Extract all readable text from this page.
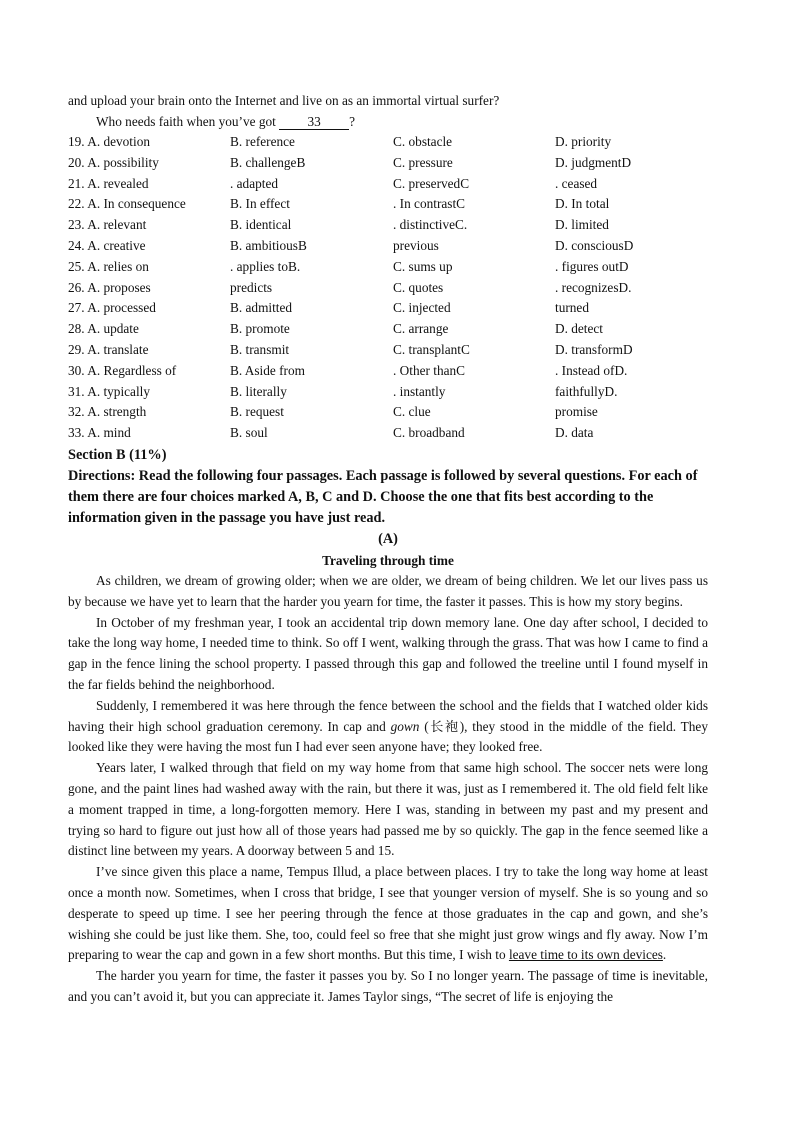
and upload your brain onto the Internet and live on as an immortal virtual surfer?
Who needs faith when you’ve got 33 ?
19. A. devotion	B. reference	C. obstacle	D. priority
20. A. possibility	B. challengeB	C. pressure	D. judgmentD
21. A. revealed	. adapted	C. preservedC	. ceased
22. A. In consequence	B. In effect	. In contrastC	D. In total
23. A. relevant	B. identical	. distinctiveC.	D. limited
24. A. creative	B. ambitiousB	previous	D. consciousD
25. A. relies on	. applies toB.	C. sums up	. figures outD
26. A. proposes	predicts	C. quotes	. recognizesD.
27. A. processed	B. admitted	C. injected	turned
28. A. update	B. promote	C. arrange	D. detect
29. A. translate	B. transmit	C. transplantC	D. transformD
30. A. Regardless of	B. Aside from	. Other thanC	. Instead ofD.
31. A. typically	B. literally	. instantly	faithfullyD.
32. A. strength	B. request	C. clue	promise
33. A. mind	B. soul	C. broadband	D. data
Section B (11%)
Directions: Read the following four passages. Each passage is followed by several questions. For each of them there are four choices marked A, B, C and D. Choose the one that fits best according to the information given in the passage you have just read.
(A)
Traveling through time
As children, we dream of growing older; when we are older, we dream of being children. We let our lives pass us by because we have yet to learn that the harder you yearn for time, the faster it passes. This is how my story begins.
In October of my freshman year, I took an accidental trip down memory lane. One day after school, I decided to take the long way home, I needed time to think. So off I went, walking through the grass. That was how I came to find a gap in the fence lining the school property. I passed through this gap and followed the treeline until I found myself in the far fields behind the neighborhood.
Suddenly, I remembered it was here through the fence between the school and the fields that I watched older kids having their high school graduation ceremony. In cap and gown (长袍), they stood in the middle of the field. They looked like they were having the most fun I had ever seen anyone have; they looked free.
Years later, I walked through that field on my way home from that same high school. The soccer nets were long gone, and the paint lines had washed away with the rain, but there it was, just as I remembered it. The old field felt like a moment trapped in time, a long-forgotten memory. Here I was, standing in between my past and my present and trying so hard to figure out just how all of those years had passed me by so quickly. The gap in the fence seemed like a distinct line between my years. A doorway between 5 and 15.
I’ve since given this place a name, Tempus Illud, a place between places. I try to take the long way home at least once a month now. Sometimes, when I cross that bridge, I see that younger version of myself. She is so young and so desperate to speed up time. I see her peering through the fence at those graduates in the cap and gown, and she’s wishing she could be just like them. She, too, could feel so free that she might just grow wings and fly away. Now I’m preparing to wear the cap and gown in a few short months. But this time, I wish to leave time to its own devices.
The harder you yearn for time, the faster it passes you by. So I no longer yearn. The passage of time is inevitable, and you can’t avoid it, but you can appreciate it. James Taylor sings, “The secret of life is enjoying the
